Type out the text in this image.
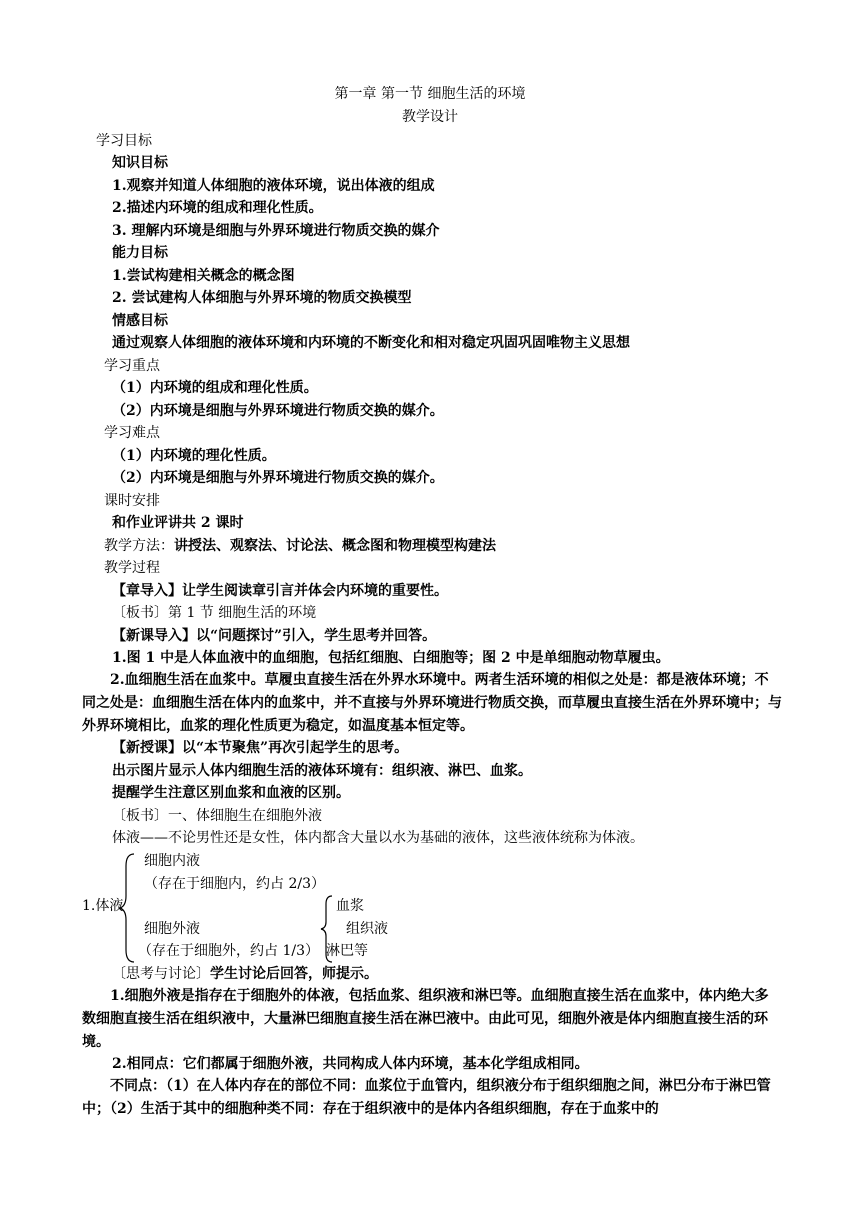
第一章 第一节 细胞生活的环境
教学设计
学习目标
知识目标
1.观察并知道人体细胞的液体环境，说出体液的组成
2.描述内环境的组成和理化性质。
3. 理解内环境是细胞与外界环境进行物质交换的媒介
能力目标
1.尝试构建相关概念的概念图
2. 尝试建构人体细胞与外界环境的物质交换模型
情感目标
通过观察人体细胞的液体环境和内环境的不断变化和相对稳定巩固巩固唯物主义思想
学习重点
（1）内环境的组成和理化性质。
（2）内环境是细胞与外界环境进行物质交换的媒介。
学习难点
（1）内环境的理化性质。
（2）内环境是细胞与外界环境进行物质交换的媒介。
课时安排
和作业评讲共 2 课时
教学方法：讲授法、观察法、讨论法、概念图和物理模型构建法
教学过程
【章导入】让学生阅读章引言并体会内环境的重要性。
〔板书〕第 1 节 细胞生活的环境
【新课导入】以“问题探讨”引入，学生思考并回答。
1.图 1 中是人体血液中的血细胞，包括红细胞、白细胞等；图 2 中是单细胞动物草履虫。
2.血细胞生活在血浆中。草履虫直接生活在外界水环境中。两者生活环境的相似之处是：都是液体环境；不同之处是：血细胞生活在体内的血浆中，并不直接与外界环境进行物质交换，而草履虫直接生活在外界环境中；与外界环境相比，血浆的理化性质更为稳定，如温度基本恒定等。
【新授课】以“本节聚焦”再次引起学生的思考。
出示图片显示人体内细胞生活的液体环境有：组织液、淋巴、血浆。
提醒学生注意区别血浆和血液的区别。
〔板书〕一、体细胞生在细胞外液
体液——不论男性还是女性，体内都含大量以水为基础的液体，这些液体统称为体液。
1.体液
细胞内液
（存在于细胞内，约占 2/3）
细胞外液
（存在于细胞外，约占 1/3）
血浆
组织液
淋巴等
〔思考与讨论〕学生讨论后回答，师提示。
1.细胞外液是指存在于细胞外的体液，包括血浆、组织液和淋巴等。血细胞直接生活在血浆中，体内绝大多数细胞直接生活在组织液中，大量淋巴细胞直接生活在淋巴液中。由此可见，细胞外液是体内细胞直接生活的环境。
2.相同点：它们都属于细胞外液，共同构成人体内环境，基本化学组成相同。
不同点：（1）在人体内存在的部位不同：血浆位于血管内，组织液分布于组织细胞之间，淋巴分布于淋巴管中；（2）生活于其中的细胞种类不同：存在于组织液中的是体内各组织细胞，存在于血浆中的
